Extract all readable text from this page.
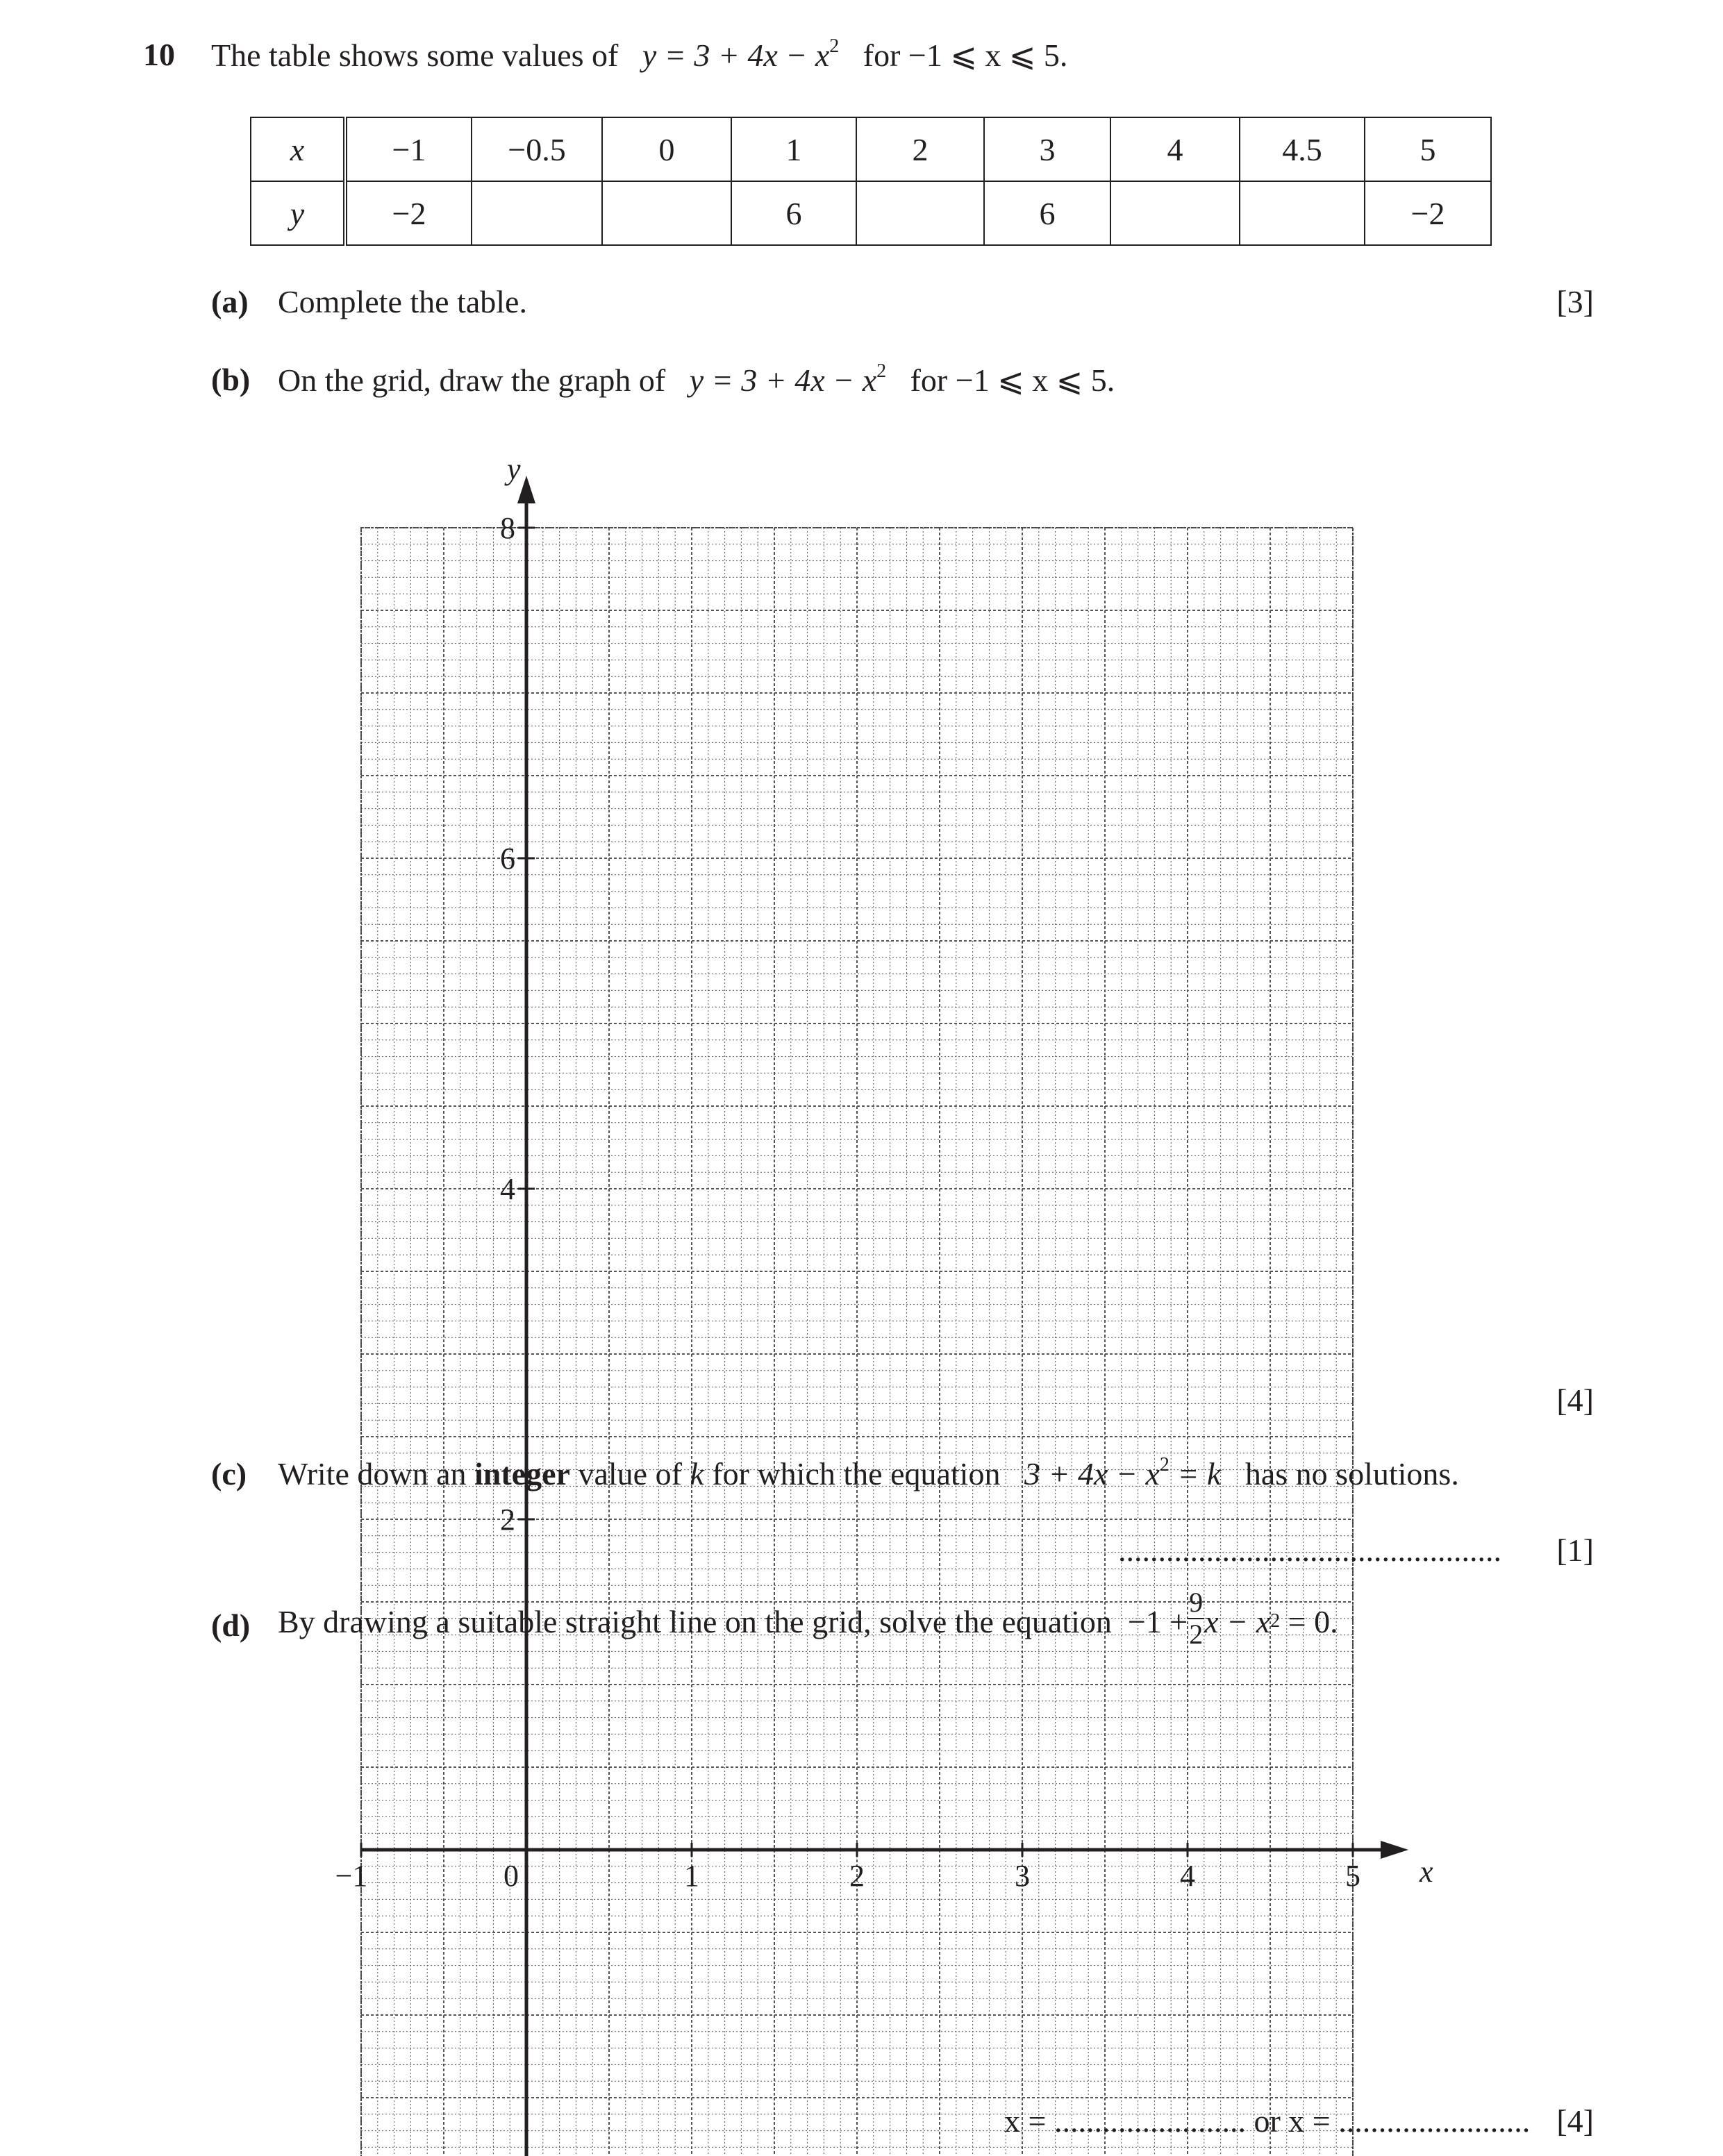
10 The table shows some values of $y = 3 + 4x - x^2$ for −1 ⩽ x ⩽ 5.
x	−1	−0.5	0	1	2	3	4	4.5	5
y	−2			6		6			−2
(a) Complete the table.	[3]
(b) On the grid, draw the graph of $y = 3 + 4x - x^2$ for −1 ⩽ x ⩽ 5.
−1	0	1	2	3	4	5
8
6
4
2
x
y
[4]
(c) Write down an integer value of k for which the equation $3 + 4x - x^2 = k$ has no solutions.
................................................ [1]
(d) By drawing a suitable straight line on the grid, solve the equation
$-1 + \frac{9}{2}$ x − x 2
= 0.
x = ........................ or x = ........................ [4]
